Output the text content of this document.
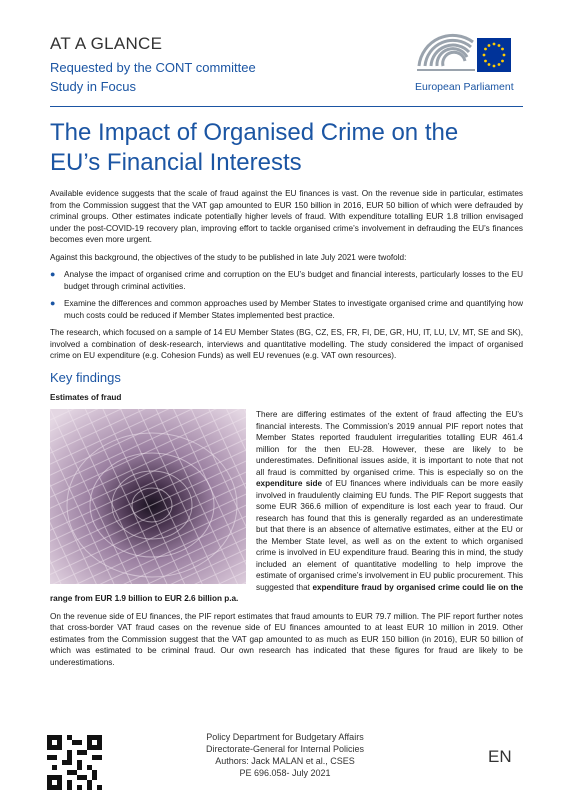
AT A GLANCE
Requested by the CONT committee
Study in Focus	European Parliament
The Impact of Organised Crime on the EU’s Financial Interests

Available evidence suggests that the scale of fraud against the EU finances is vast. On the revenue side in particular, estimates from the Commission suggest that the VAT gap amounted to EUR 150 billion in 2016, EUR 50 billion of which were defrauded by criminal groups. Other estimates indicate potentially higher levels of fraud. With expenditure totalling EUR 1.8 trillion envisaged under the post-COVID-19 recovery plan, improving effort to tackle organised crime’s involvement in defrauding the EU’s finances becomes even more urgent.

Against this background, the objectives of the study to be published in late July 2021 were twofold:

●	Analyse the impact of organised crime and corruption on the EU’s budget and financial interests, particularly losses to the EU budget through criminal activities.
●	Examine the differences and common approaches used by Member States to investigate organised crime and quantifying how much costs could be reduced if Member States implemented best practice.

The research, which focused on a sample of 14 EU Member States (BG, CZ, ES, FR, FI, DE, GR, HU, IT, LU, LV, MT, SE and SK), involved a combination of desk-research, interviews and quantitative modelling. The study considered the impact of organised crime on EU expenditure (e.g. Cohesion Funds) as well EU revenues (e.g. VAT own resources).

Key findings
Estimates of fraud

There are differing estimates of the extent of fraud affecting the EU’s financial interests. The Commission’s 2019 annual PIF report notes that Member States reported fraudulent irregularities totalling EUR 461.4 million for the then EU-28. However, these are likely to be underestimates. Definitional issues aside, it is important to note that not all fraud is committed by organised crime. This is especially so on the expenditure side of EU finances where individuals can be more easily involved in fraudulently claiming EU funds. The PIF Report suggests that some EUR 366.6 million of expenditure is lost each year to fraud. Our research has found that this is generally regarded as an underestimate but that there is an absence of alternative estimates, either at the EU or the Member State level, as well as on the extent to which organised crime is involved in EU expenditure fraud. Bearing this in mind, the study included an element of quantitative modelling to help improve the estimate of organised crime’s involvement in EU public procurement. This suggested that expenditure fraud by organised crime could lie on the range from EUR 1.9 billion to EUR 2.6 billion p.a.

On the revenue side of EU finances, the PIF report estimates that fraud amounts to EUR 79.7 million. The PIF report further notes that cross-border VAT fraud cases on the revenue side of EU finances amounted to at least EUR 10 million in 2019. Other estimates from the Commission suggest that the VAT gap amounted to as much as EUR 150 billion (in 2016), EUR 50 billion of which was estimated to be criminal fraud. Our own research has indicated that these figures for fraud are likely to be underestimations.

Policy Department for Budgetary Affairs
Directorate-General for Internal Policies
Authors: Jack MALAN et al., CSES
PE 696.058- July 2021
EN
